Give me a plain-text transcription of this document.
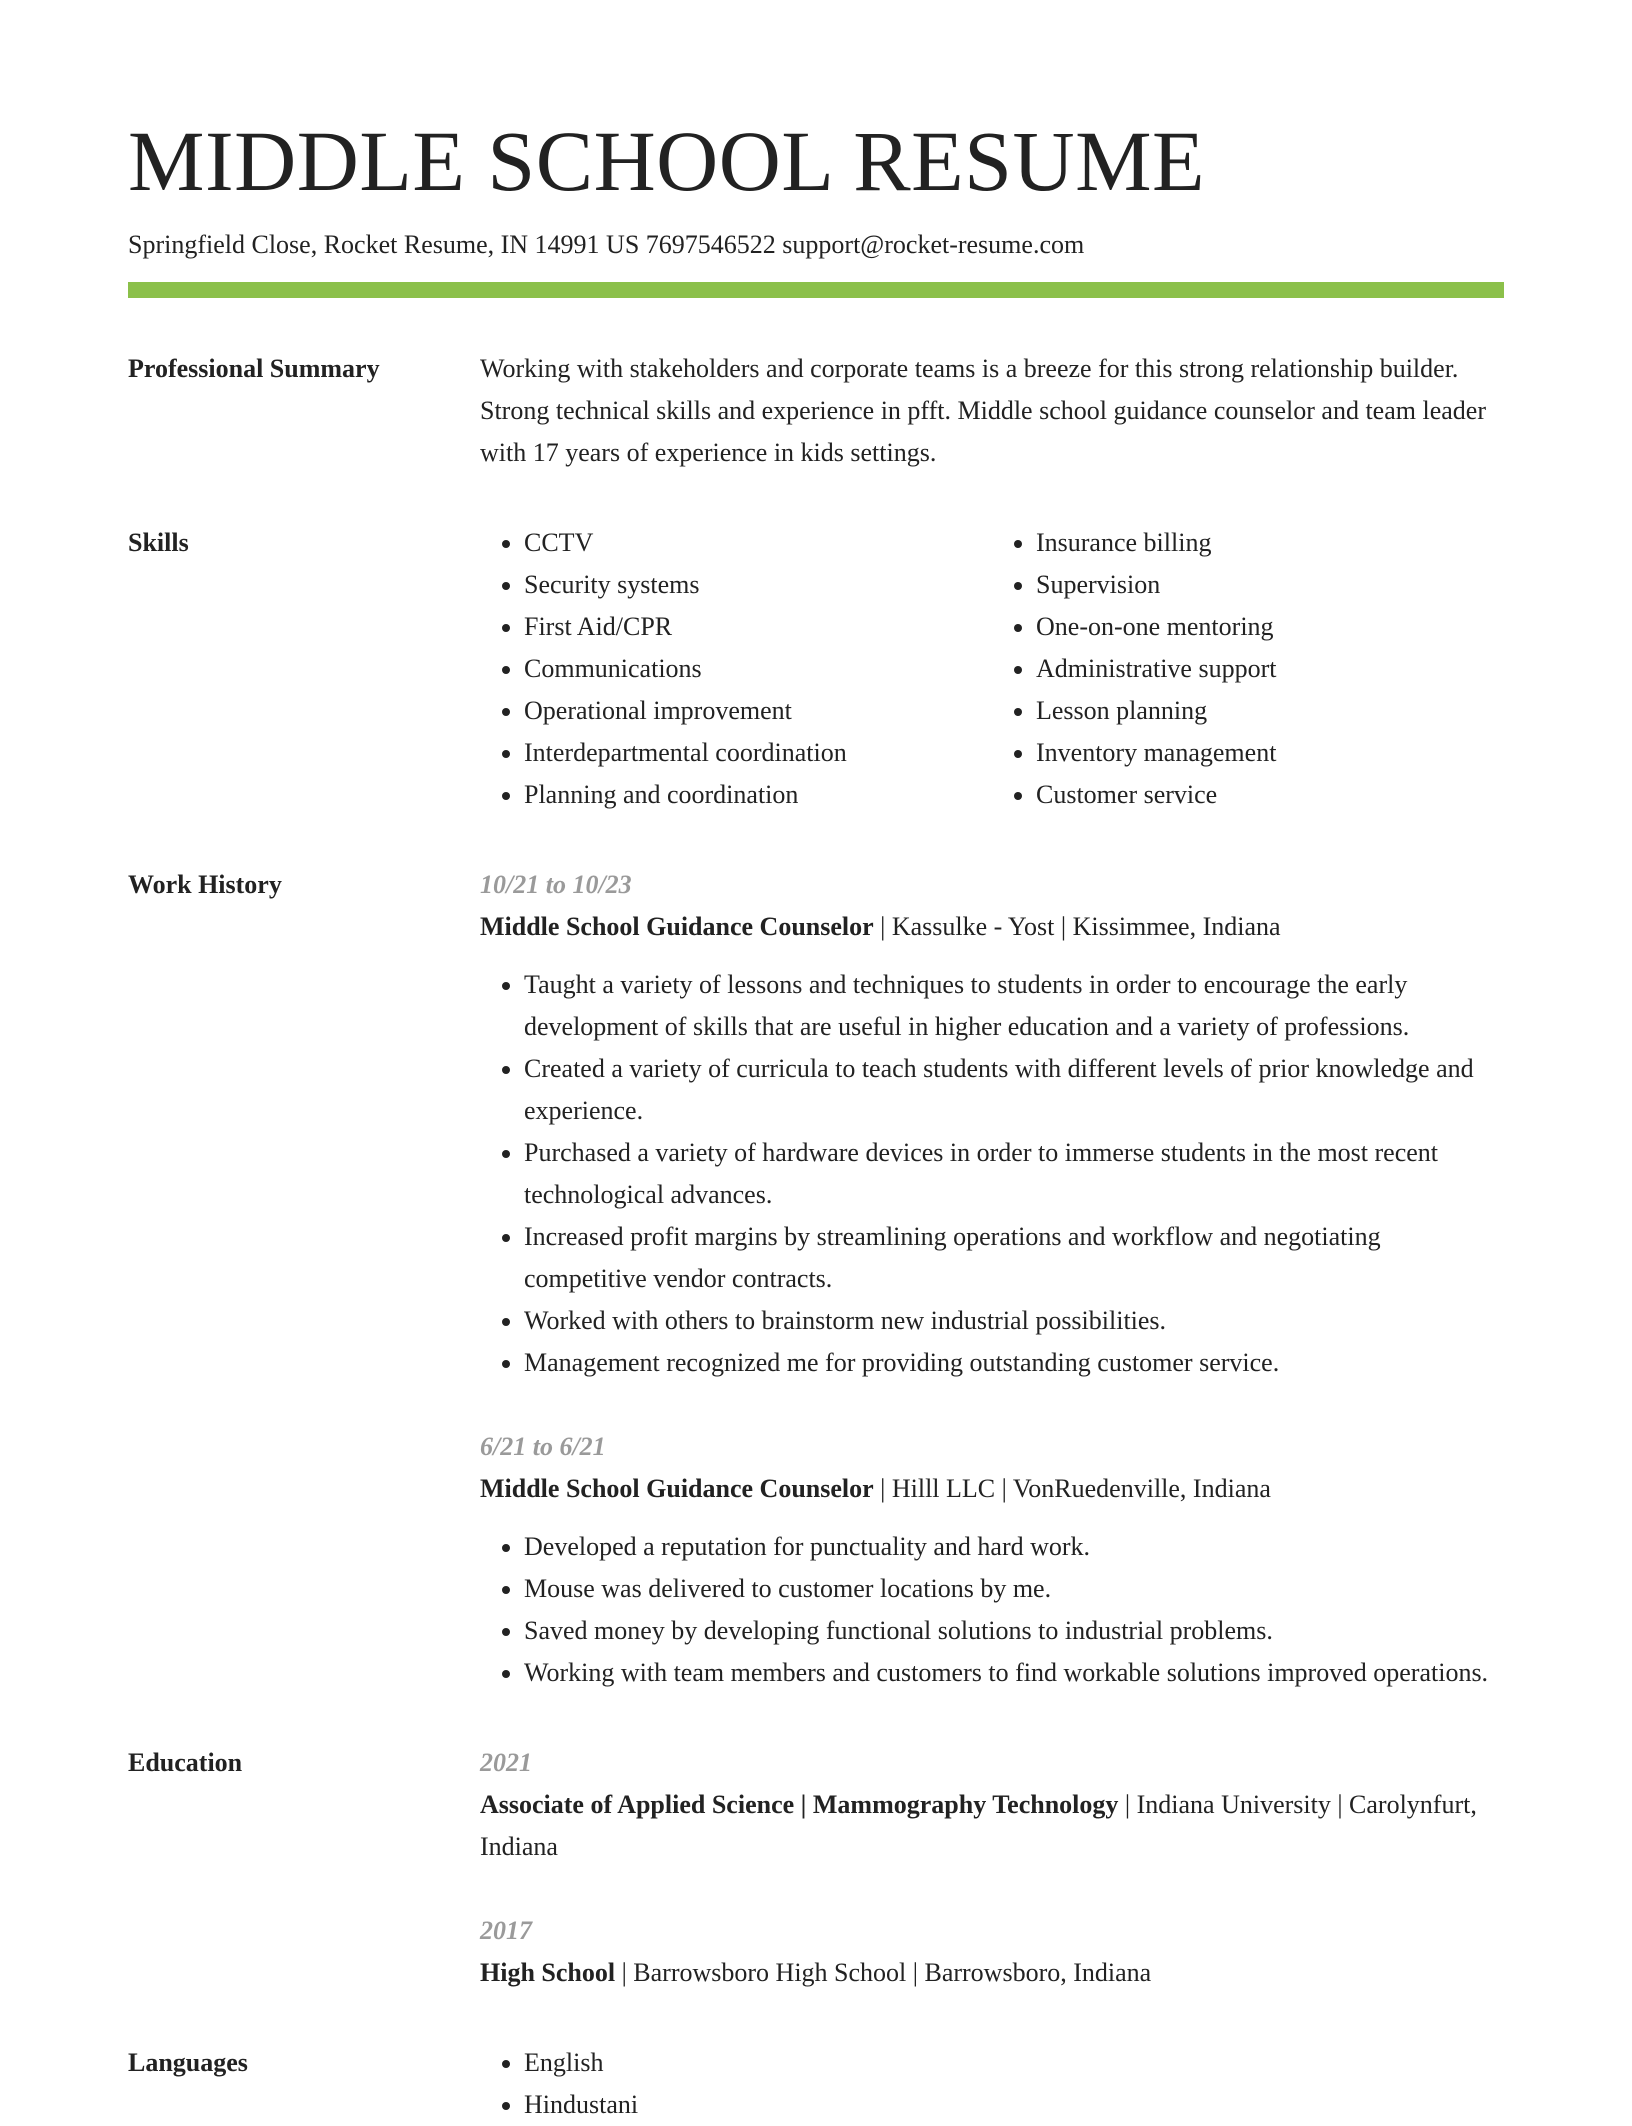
MIDDLE SCHOOL RESUME
Springfield Close, Rocket Resume, IN 14991 US 7697546522 support@rocket-resume.com
Professional Summary	Working with stakeholders and corporate teams is a breeze for this strong relationship builder. Strong technical skills and experience in pfft. Middle school guidance counselor and team leader with 17 years of experience in kids settings.

Skills	• CCTV
• Security systems
• First Aid/CPR
• Communications
• Operational improvement
• Interdepartmental coordination
• Planning and coordination
• Insurance billing
• Supervision
• One-on-one mentoring
• Administrative support
• Lesson planning
• Inventory management
• Customer service
Work History	10/21 to 10/23
Middle School Guidance Counselor | Kassulke - Yost | Kissimmee, Indiana
• Taught a variety of lessons and techniques to students in order to encourage the early development of skills that are useful in higher education and a variety of professions.
• Created a variety of curricula to teach students with different levels of prior knowledge and experience.
• Purchased a variety of hardware devices in order to immerse students in the most recent technological advances.
• Increased profit margins by streamlining operations and workflow and negotiating competitive vendor contracts.
• Worked with others to brainstorm new industrial possibilities.
• Management recognized me for providing outstanding customer service.
6/21 to 6/21
Middle School Guidance Counselor | Hilll LLC | VonRuedenville, Indiana
• Developed a reputation for punctuality and hard work.
• Mouse was delivered to customer locations by me.
• Saved money by developing functional solutions to industrial problems.
• Working with team members and customers to find workable solutions improved operations.
Education	2021
Associate of Applied Science | Mammography Technology | Indiana University | Carolynfurt, Indiana
2017
High School | Barrowsboro High School | Barrowsboro, Indiana
Languages	• English
• Hindustani
